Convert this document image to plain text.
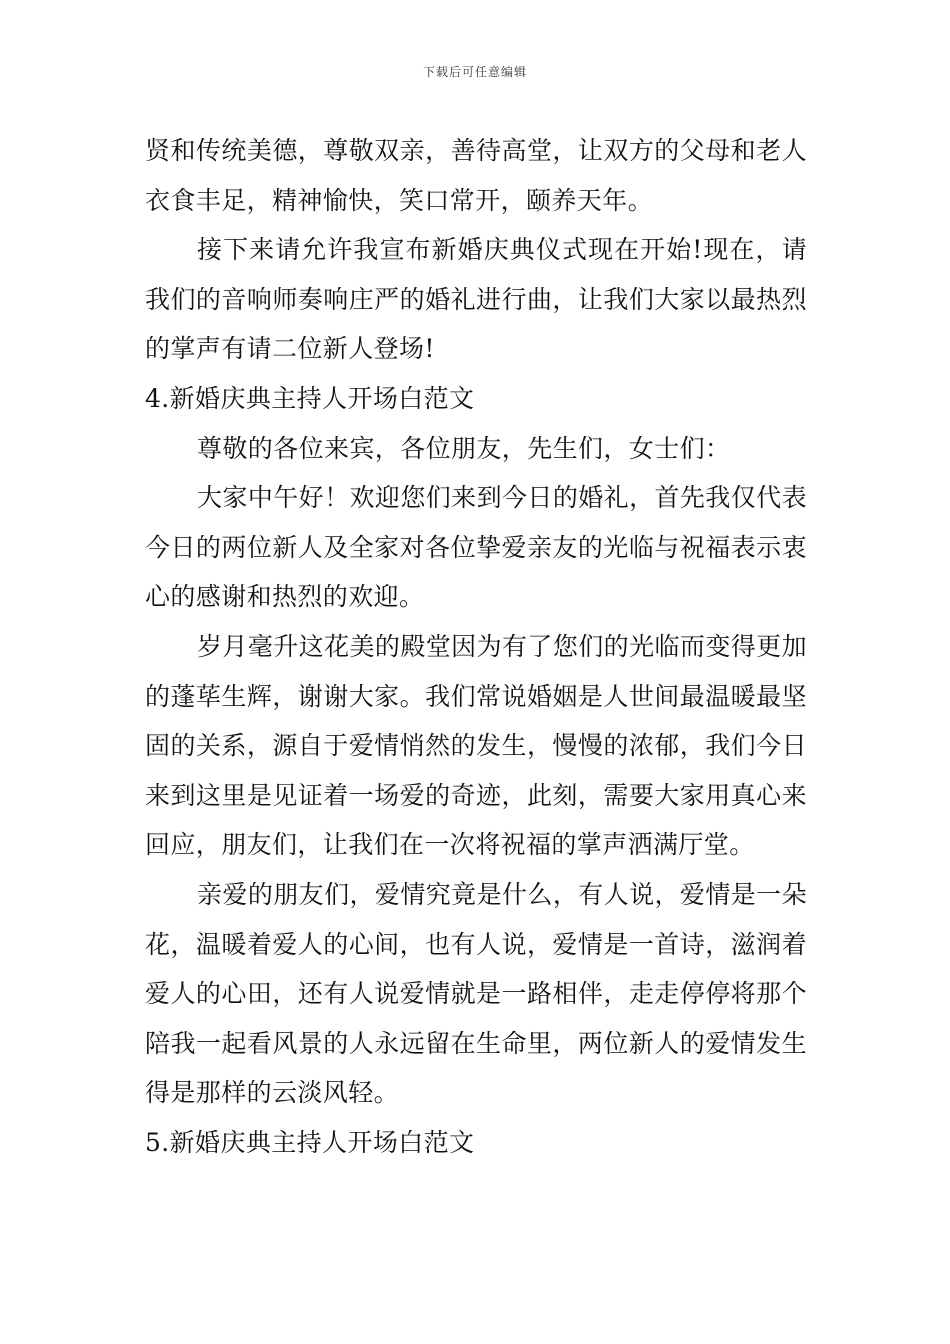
下载后可任意编辑

贤和传统美德，尊敬双亲，善待高堂，让双方的父母和老人衣食丰足，精神愉快，笑口常开，颐养天年。

接下来请允许我宣布新婚庆典仪式现在开始!现在，请我们的音响师奏响庄严的婚礼进行曲，让我们大家以最热烈的掌声有请二位新人登场!

4.新婚庆典主持人开场白范文

尊敬的各位来宾，各位朋友，先生们，女士们：

大家中午好！欢迎您们来到今日的婚礼，首先我仅代表今日的两位新人及全家对各位挚爱亲友的光临与祝福表示衷心的感谢和热烈的欢迎。

岁月毫升这花美的殿堂因为有了您们的光临而变得更加的蓬荜生辉，谢谢大家。我们常说婚姻是人世间最温暖最坚固的关系，源自于爱情悄然的发生，慢慢的浓郁，我们今日来到这里是见证着一场爱的奇迹，此刻，需要大家用真心来回应，朋友们，让我们在一次将祝福的掌声洒满厅堂。

亲爱的朋友们，爱情究竟是什么，有人说，爱情是一朵花，温暖着爱人的心间，也有人说，爱情是一首诗，滋润着爱人的心田，还有人说爱情就是一路相伴，走走停停将那个陪我一起看风景的人永远留在生命里，两位新人的爱情发生得是那样的云淡风轻。

5.新婚庆典主持人开场白范文
